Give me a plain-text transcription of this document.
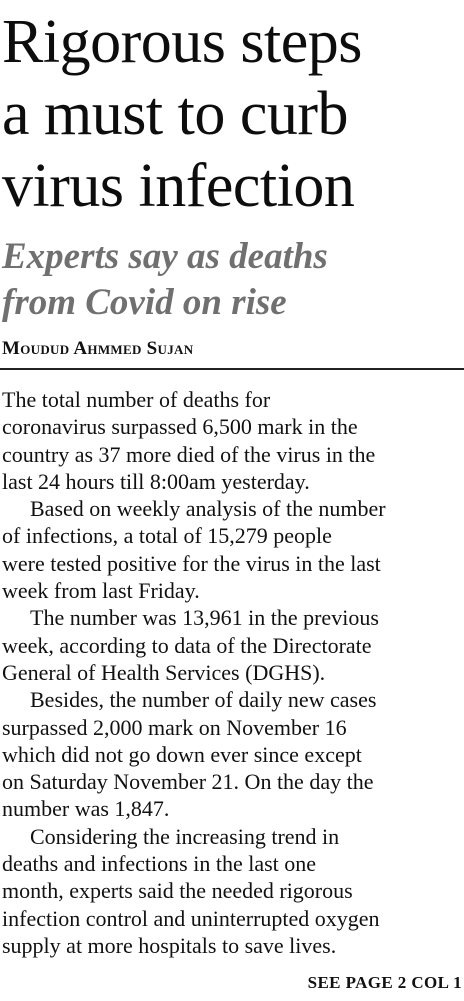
Rigorous steps
a must to curb
virus infection
Experts say as deaths
from Covid on rise
Moudud Ahmmed Sujan

The total number of deaths for
coronavirus surpassed 6,500 mark in the
country as 37 more died of the virus in the
last 24 hours till 8:00am yesterday.

Based on weekly analysis of the number
of infections, a total of 15,279 people
were tested positive for the virus in the last
week from last Friday.

The number was 13,961 in the previous
week, according to data of the Directorate
General of Health Services (DGHS).

Besides, the number of daily new cases
surpassed 2,000 mark on November 16
which did not go down ever since except
on Saturday November 21. On the day the
number was 1,847.

Considering the increasing trend in
deaths and infections in the last one
month, experts said the needed rigorous
infection control and uninterrupted oxygen
supply at more hospitals to save lives.

SEE PAGE 2 COL 1
